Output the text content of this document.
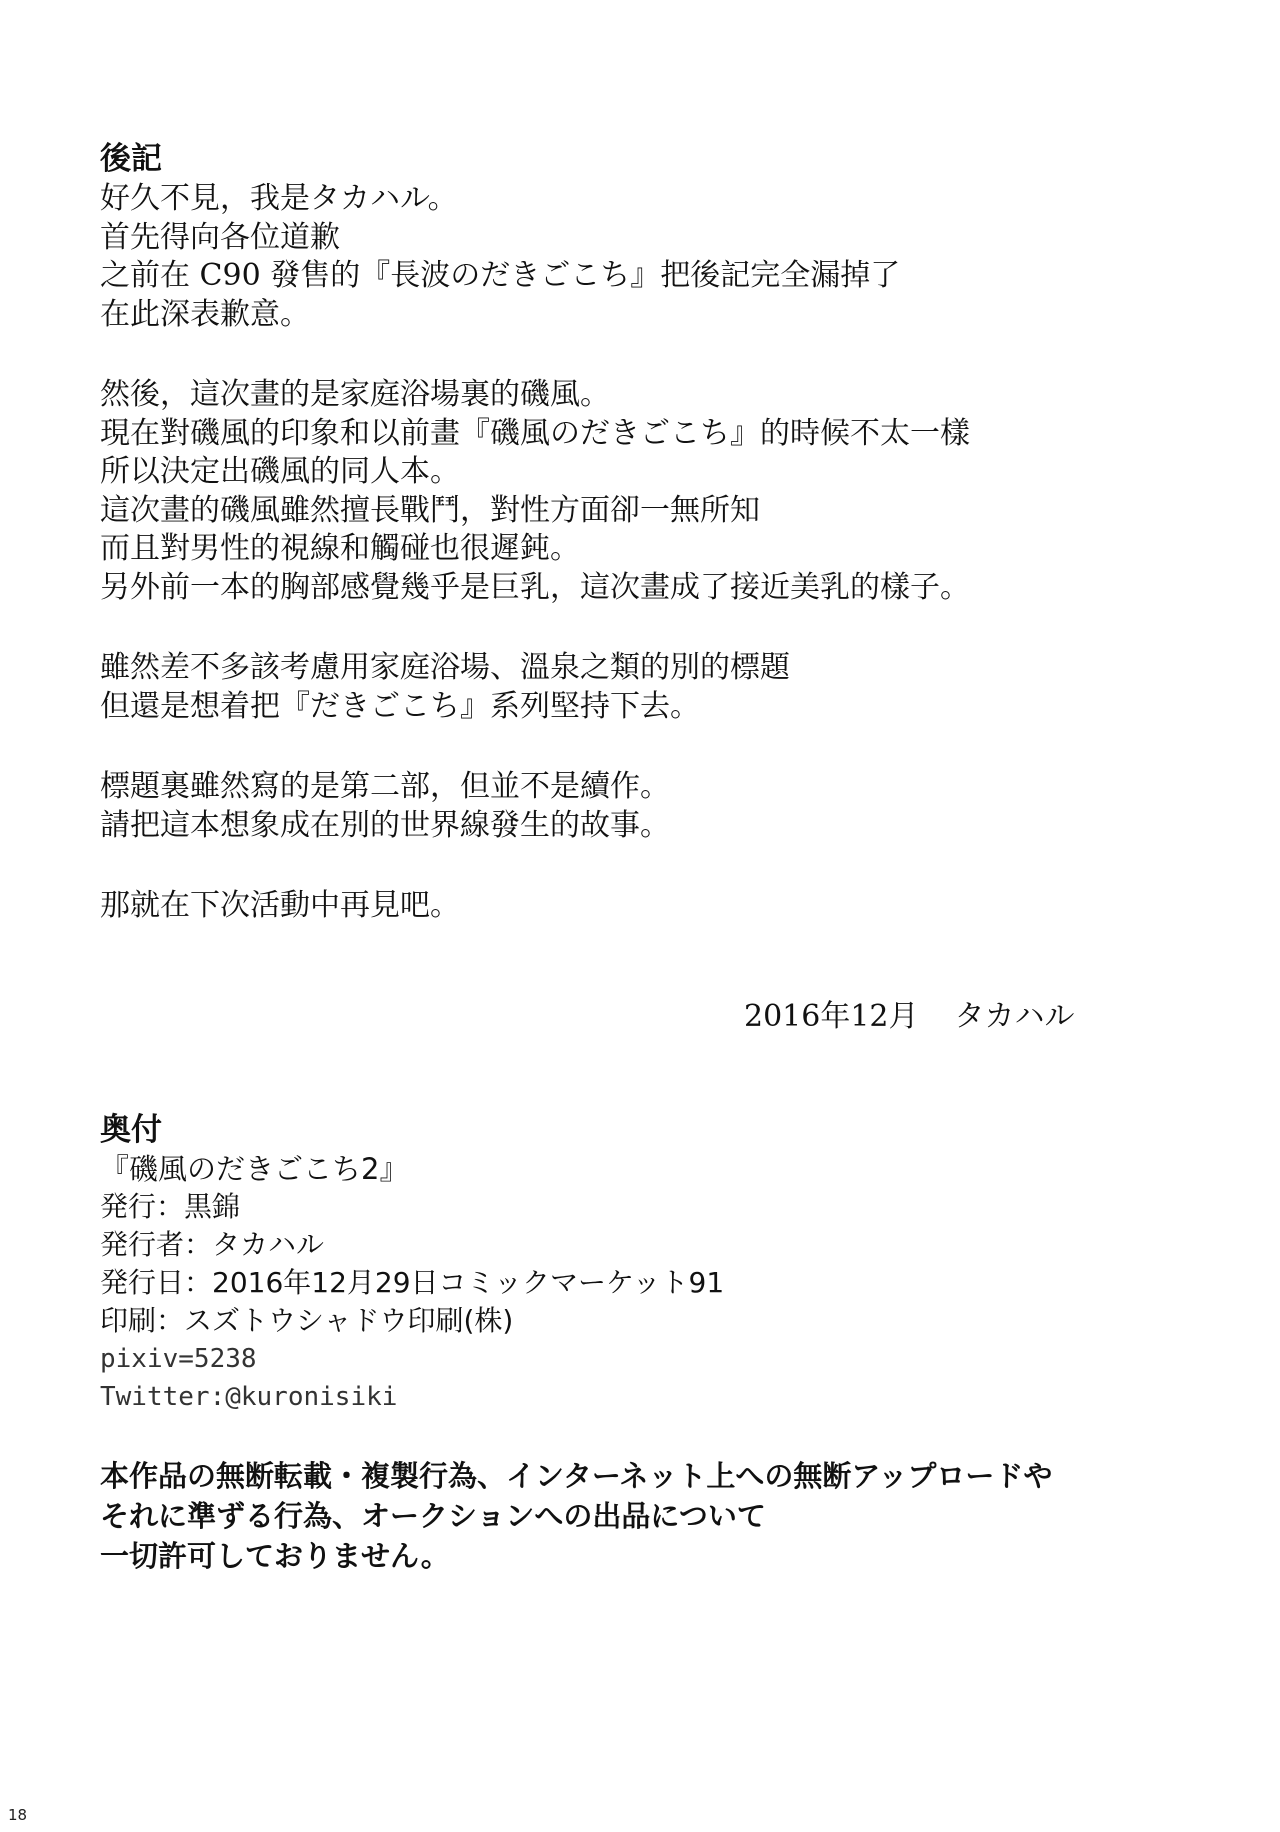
後記
好久不見，我是タカハル。
首先得向各位道歉
之前在 C90 發售的『長波のだきごこち』把後記完全漏掉了
在此深表歉意。
然後，這次畫的是家庭浴場裏的磯風。
現在對磯風的印象和以前畫『磯風のだきごこち』的時候不太一樣
所以決定出磯風的同人本。
這次畫的磯風雖然擅長戰鬥，對性方面卻一無所知
而且對男性的視線和觸碰也很遲鈍。
另外前一本的胸部感覺幾乎是巨乳，這次畫成了接近美乳的樣子。
雖然差不多該考慮用家庭浴場、溫泉之類的別的標題
但還是想着把『だきごこち』系列堅持下去。
標題裏雖然寫的是第二部，但並不是續作。
請把這本想象成在別的世界線發生的故事。
那就在下次活動中再見吧。
2016年12月 タカハル
奥付
『磯風のだきごこち2』
発行：黒錦
発行者：タカハル
発行日：2016年12月29日コミックマーケット91
印刷：スズトウシャドウ印刷(株)
pixiv=5238
Twitter:@kuronisiki
本作品の無断転載・複製行為、インターネット上への無断アップロードや
それに準ずる行為、オークションへの出品について
一切許可しておりません。
18
